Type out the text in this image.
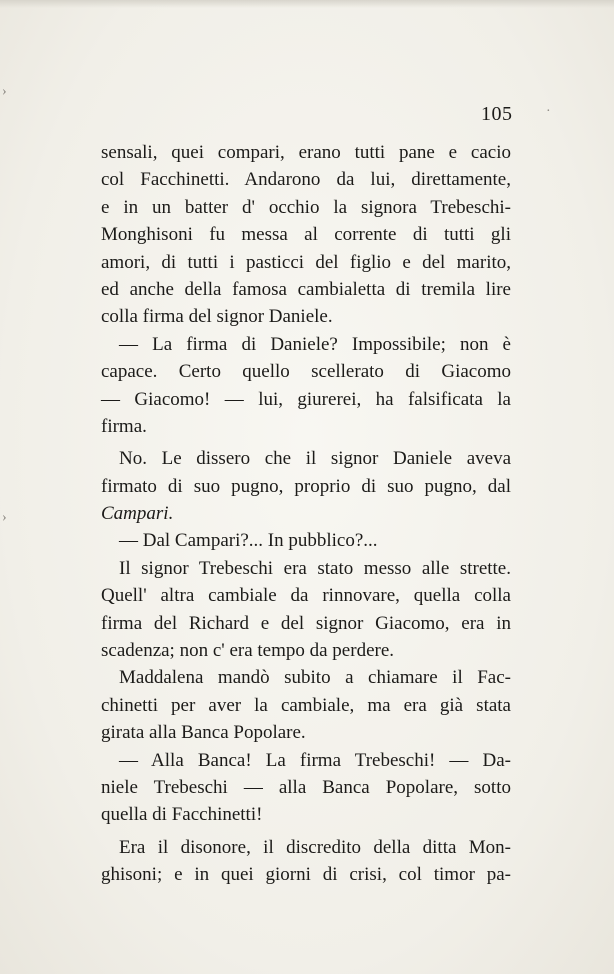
›
›
·
105
sensali, quei compari, erano tutti pane e cacio
col Facchinetti. Andarono da lui, direttamente,
e in un batter d' occhio la signora Trebeschi-
Monghisoni fu messa al corrente di tutti gli
amori, di tutti i pasticci del figlio e del marito,
ed anche della famosa cambialetta di tremila lire
colla firma del signor Daniele.
— La firma di Daniele? Impossibile; non è
capace. Certo quello scellerato di Giacomo
— Giacomo! — lui, giurerei, ha falsificata la
firma.
No. Le dissero che il signor Daniele aveva
firmato di suo pugno, proprio di suo pugno, dal
Campari.
— Dal Campari?... In pubblico?...
Il signor Trebeschi era stato messo alle strette.
Quell' altra cambiale da rinnovare, quella colla
firma del Richard e del signor Giacomo, era in
scadenza; non c' era tempo da perdere.
Maddalena mandò subito a chiamare il Fac-
chinetti per aver la cambiale, ma era già stata
girata alla Banca Popolare.
— Alla Banca! La firma Trebeschi! — Da-
niele Trebeschi — alla Banca Popolare, sotto
quella di Facchinetti!
Era il disonore, il discredito della ditta Mon-
ghisoni; e in quei giorni di crisi, col timor pa-
